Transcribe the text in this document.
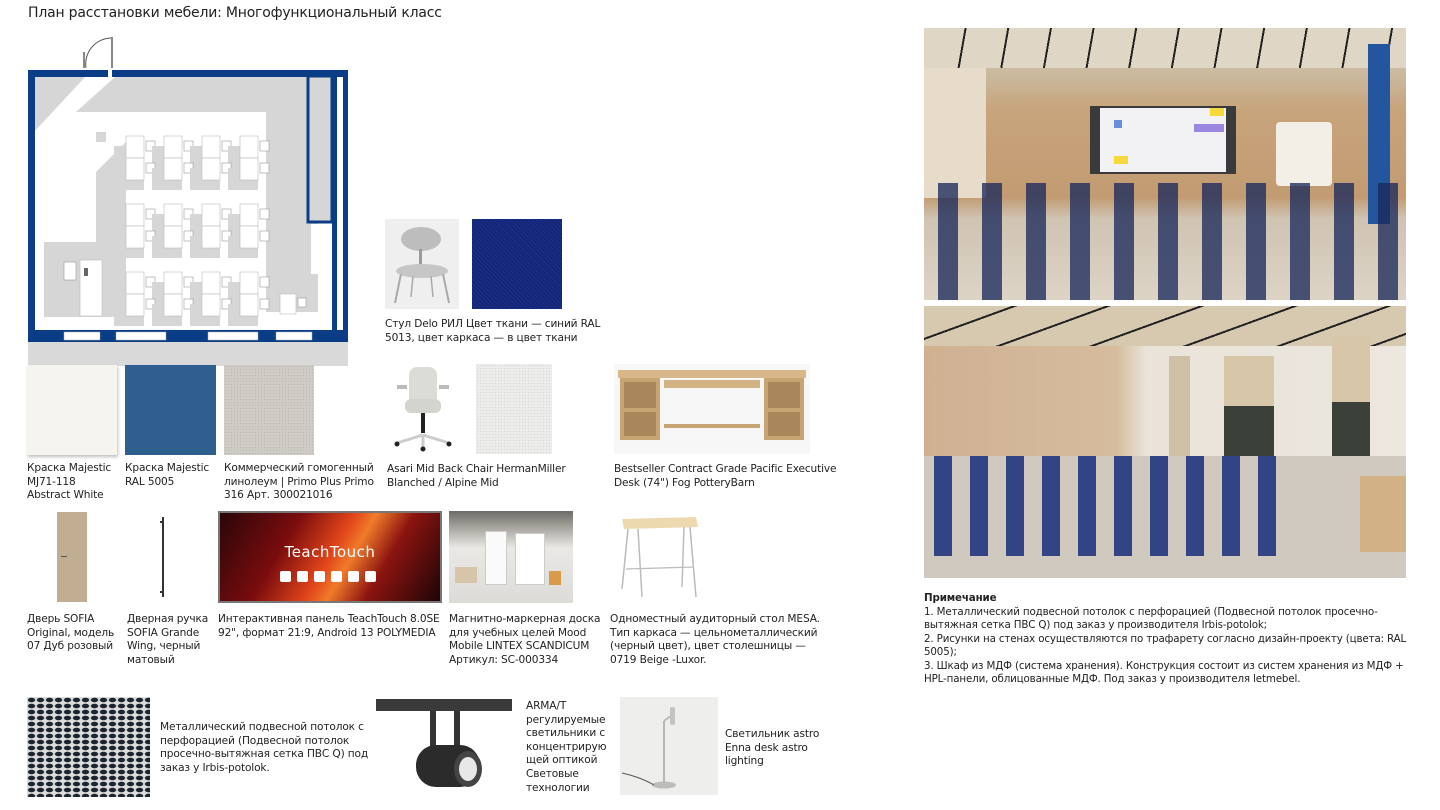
План расстановки мебели: Многофункциональный класс
Стул Delo РИЛ Цвет ткани — синий RAL 5013, цвет каркаса — в цвет ткани
Краска Majestic MJ71-118 Abstract White
Краска Majestic RAL 5005
Коммерческий гомогенный линолеум | Primo Plus Primo 316 Арт. 300021016
Asari Mid Back Chair HermanMiller Blanched / Alpine Mid
Bestseller Contract Grade Pacific Executive Desk (74") Fog PotteryBarn
Дверь SOFIA Original, модель 07 Дуб розовый
Дверная ручка SOFIA Grande Wing, черный матовый
TeachTouch
Интерактивная панель TeachTouch 8.0SE 92", формат 21:9, Android 13 POLYMEDIA
Магнитно-маркерная доска для учебных целей Mood Mobile LINTEX SCANDICUM Артикул: SC-000334
Одноместный аудиторный стол MESA. Тип каркаса — цельнометаллический (черный цвет), цвет столешницы — 0719 Beige -Luxor.
Металлический подвесной потолок с перфорацией (Подвесной потолок просечно-вытяжная сетка ПВС Q) под заказ у Irbis-potolok.
ARMA/T регулируемые светильники с концентрирую щей оптикой Световые технологии
Светильник astro Enna desk astro lighting
Примечание
1. Металлический подвесной потолок с перфорацией (Подвесной потолок просечно-вытяжная сетка ПВС Q) под заказ у производителя Irbis-potolok;
2. Рисунки на стенах осуществляются по трафарету согласно дизайн-проекту (цвета: RAL 5005);
3. Шкаф из МДФ (система хранения). Конструкция состоит из систем хранения из МДФ + HPL-панели, облицованные МДФ. Под заказ у производителя letmebel.
